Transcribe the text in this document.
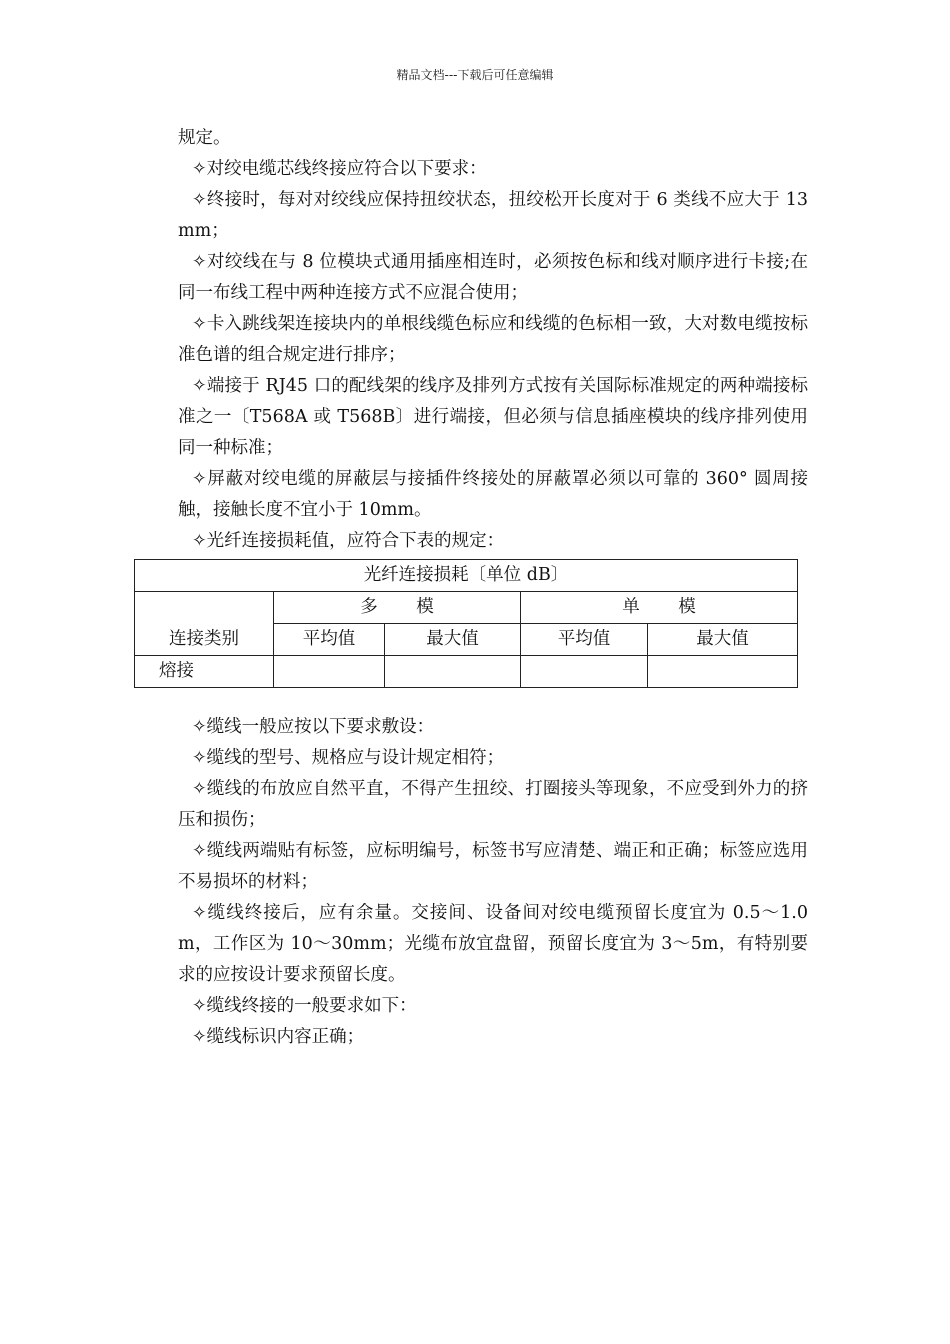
精品文档---下载后可任意编辑

规定。

✧对绞电缆芯线终接应符合以下要求：

✧终接时，每对对绞线应保持扭绞状态，扭绞松开长度对于 6 类线不应大于 13mm；

✧对绞线在与 8 位模块式通用插座相连时，必须按色标和线对顺序进行卡接;在同一布线工程中两种连接方式不应混合使用；

✧卡入跳线架连接块内的单根线缆色标应和线缆的色标相一致，大对数电缆按标准色谱的组合规定进行排序；

✧端接于 RJ45 口的配线架的线序及排列方式按有关国际标准规定的两种端接标准之一〔T568A 或 T568B〕进行端接，但必须与信息插座模块的线序排列使用同一种标准；

✧屏蔽对绞电缆的屏蔽层与接插件终接处的屏蔽罩必须以可靠的 360° 圆周接触，接触长度不宜小于 10mm。

✧光纤连接损耗值，应符合下表的规定：

光纤连接损耗〔单位 dB〕				
连接类别	多模		单模	
	平均值	最大值	平均值	最大值
熔接				

✧缆线一般应按以下要求敷设：

✧缆线的型号、规格应与设计规定相符；

✧缆线的布放应自然平直，不得产生扭绞、打圈接头等现象，不应受到外力的挤压和损伤；

✧缆线两端贴有标签，应标明编号，标签书写应清楚、端正和正确；标签应选用不易损坏的材料；

✧缆线终接后，应有余量。交接间、设备间对绞电缆预留长度宜为 0.5～1.0m，工作区为 10～30mm；光缆布放宜盘留，预留长度宜为 3～5m，有特别要求的应按设计要求预留长度。

✧缆线终接的一般要求如下：

✧缆线标识内容正确；
